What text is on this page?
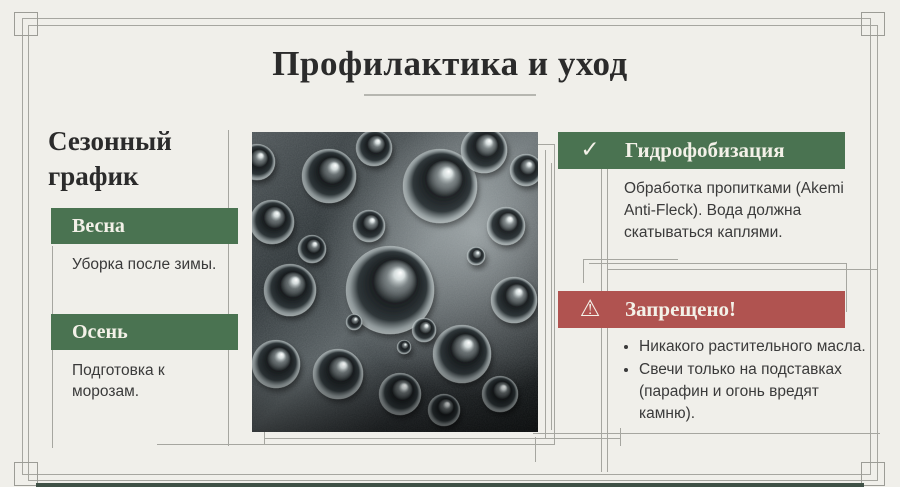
Профилактика и уход
Сезонный график
Весна
Уборка после зимы.
Осень
Подготовка к морозам.
✓	Гидрофобизация
Обработка пропитками (Akemi Anti-Fleck). Вода должна скатываться каплями.
⚠	Запрещено!
• Никакого растительного масла.
• Свечи только на подставках (парафин и огонь вредят камню).
